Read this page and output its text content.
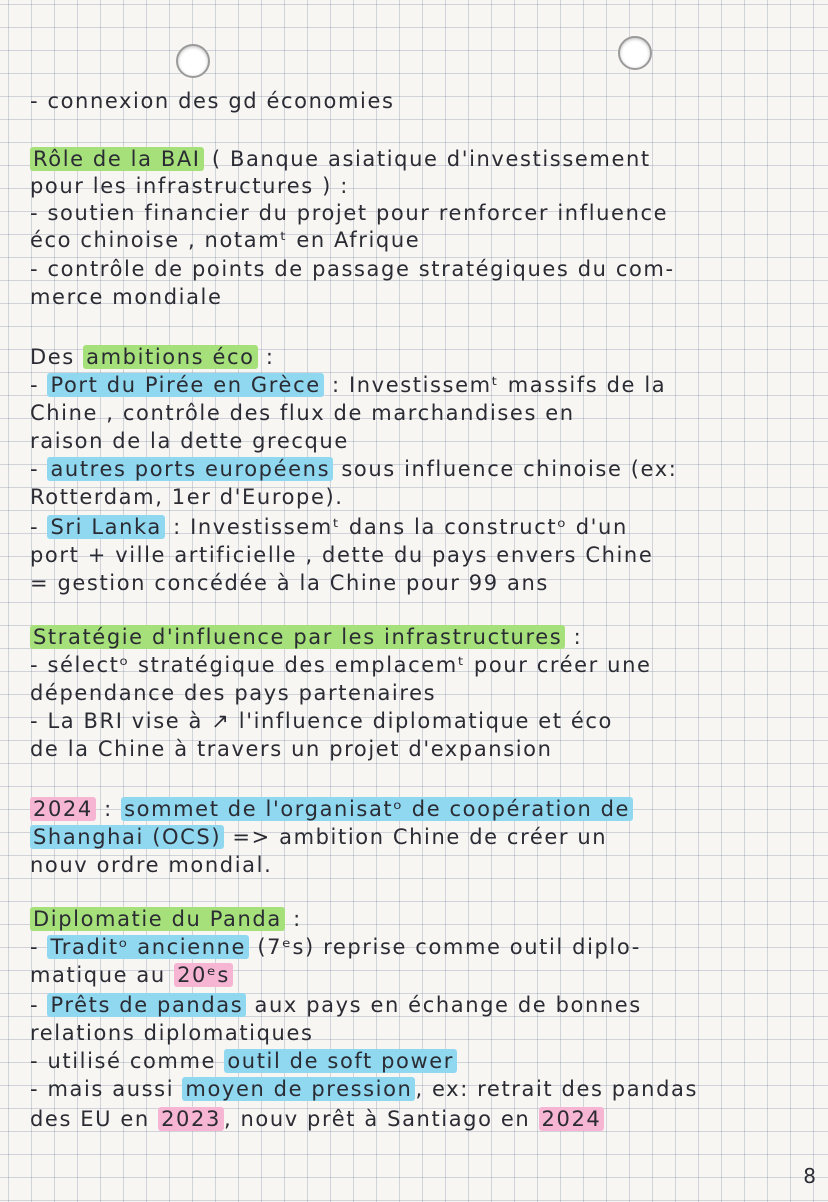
- connexion des gd économies
Rôle de la BAI ( Banque asiatique d'investissement
pour les infrastructures ) :
- soutien financier du projet pour renforcer influence
éco chinoise , notamᵗ en Afrique
- contrôle de points de passage stratégiques du com-
merce mondiale
Des ambitions éco :
- Port du Pirée en Grèce : Investissemᵗ massifs de la
Chine , contrôle des flux de marchandises en
raison de la dette grecque
- autres ports européens sous influence chinoise (ex:
Rotterdam, 1er d'Europe).
- Sri Lanka : Investissemᵗ dans la constructᵒ d'un
port + ville artificielle , dette du pays envers Chine
= gestion concédée à la Chine pour 99 ans
Stratégie d'influence par les infrastructures :
- sélectᵒ stratégique des emplacemᵗ pour créer une
dépendance des pays partenaires
- La BRI vise à ↗ l'influence diplomatique et éco
de la Chine à travers un projet d'expansion
2024 : sommet de l'organisatᵒ de coopération de
Shanghai (OCS) => ambition Chine de créer un
nouv ordre mondial.
Diplomatie du Panda :
- Traditᵒ ancienne (7ᵉs) reprise comme outil diplo-
matique au 20ᵉs
- Prêts de pandas aux pays en échange de bonnes
relations diplomatiques
- utilisé comme outil de soft power
- mais aussi moyen de pression , ex: retrait des pandas
des EU en 2023 , nouv prêt à Santiago en 2024
8
